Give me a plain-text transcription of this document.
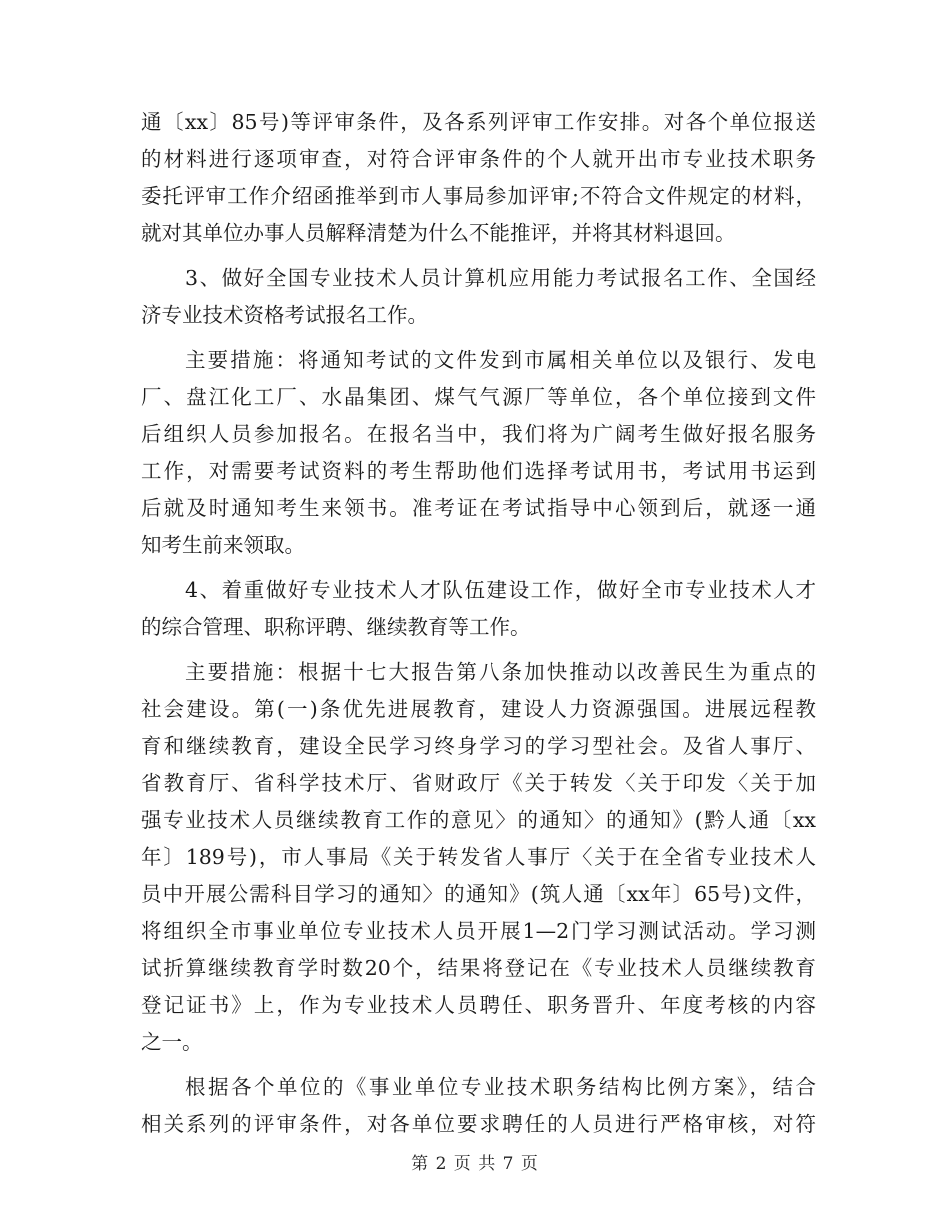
通〔xx〕85号)等评审条件，及各系列评审工作安排。对各个单位报送
的材料进行逐项审查，对符合评审条件的个人就开出市专业技术职务
委托评审工作介绍函推举到市人事局参加评审;不符合文件规定的材料，
就对其单位办事人员解释清楚为什么不能推评，并将其材料退回。
3、做好全国专业技术人员计算机应用能力考试报名工作、全国经
济专业技术资格考试报名工作。
主要措施：将通知考试的文件发到市属相关单位以及银行、发电
厂、盘江化工厂、水晶集团、煤气气源厂等单位，各个单位接到文件
后组织人员参加报名。在报名当中，我们将为广阔考生做好报名服务
工作，对需要考试资料的考生帮助他们选择考试用书，考试用书运到
后就及时通知考生来领书。准考证在考试指导中心领到后，就逐一通
知考生前来领取。
4、着重做好专业技术人才队伍建设工作，做好全市专业技术人才
的综合管理、职称评聘、继续教育等工作。
主要措施：根据十七大报告第八条加快推动以改善民生为重点的
社会建设。第(一)条优先进展教育，建设人力资源强国。进展远程教
育和继续教育，建设全民学习终身学习的学习型社会。及省人事厅、
省教育厅、省科学技术厅、省财政厅《关于转发〈关于印发〈关于加
强专业技术人员继续教育工作的意见〉的通知〉的通知》(黔人通〔xx
年〕189号)，市人事局《关于转发省人事厅〈关于在全省专业技术人
员中开展公需科目学习的通知〉的通知》(筑人通〔xx年〕65号)文件，
将组织全市事业单位专业技术人员开展1—2门学习测试活动。学习测
试折算继续教育学时数20个，结果将登记在《专业技术人员继续教育
登记证书》上，作为专业技术人员聘任、职务晋升、年度考核的内容
之一。
根据各个单位的《事业单位专业技术职务结构比例方案》，结合
相关系列的评审条件，对各单位要求聘任的人员进行严格审核，对符
第 2 页 共 7 页
